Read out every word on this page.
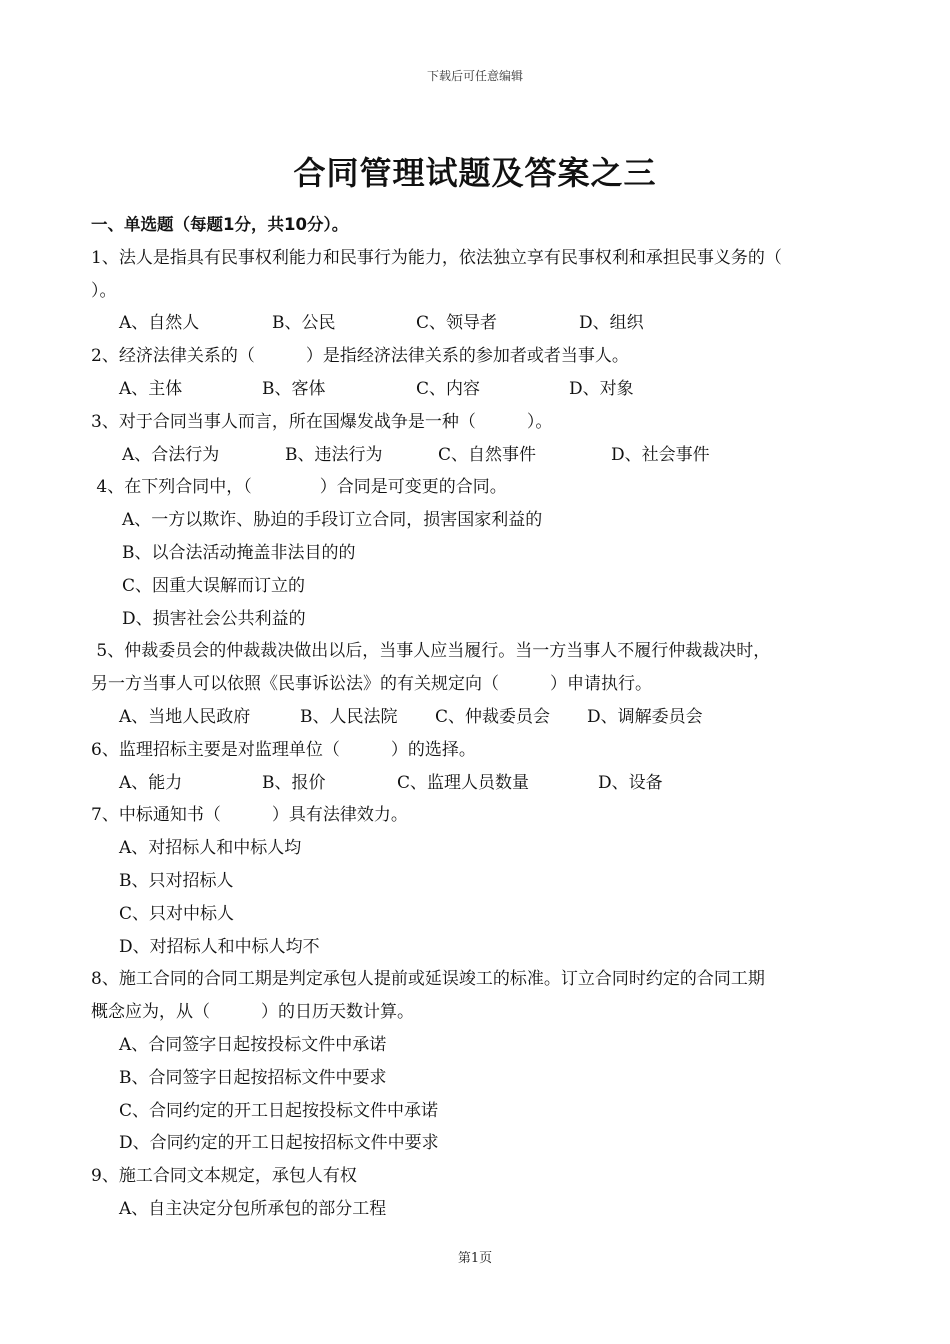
下载后可任意编辑
合同管理试题及答案之三
一、单选题（每题1分，共10分）。
1、法人是指具有民事权利能力和民事行为能力，依法独立享有民事权利和承担民事义务的（
）。
A、自然人	B、公民	C、领导者	D、组织
2、经济法律关系的（　　　）是指经济法律关系的参加者或者当事人。
A、主体	B、客体	C、内容	D、对象
3、对于合同当事人而言，所在国爆发战争是一种（　　　）。
A、合法行为	B、违法行为	C、自然事件	D、社会事件
4、在下列合同中，（　　　　）合同是可变更的合同。
A、一方以欺诈、胁迫的手段订立合同，损害国家利益的
B、以合法活动掩盖非法目的的
C、因重大误解而订立的
D、损害社会公共利益的
5、仲裁委员会的仲裁裁决做出以后，当事人应当履行。当一方当事人不履行仲裁裁决时，
另一方当事人可以依照《民事诉讼法》的有关规定向（　　　）申请执行。
A、当地人民政府	B、人民法院	C、仲裁委员会	D、调解委员会
6、监理招标主要是对监理单位（　　　）的选择。
A、能力	B、报价	C、监理人员数量	D、设备
7、中标通知书（　　　）具有法律效力。
A、对招标人和中标人均
B、只对招标人
C、只对中标人
D、对招标人和中标人均不
8、施工合同的合同工期是判定承包人提前或延误竣工的标准。订立合同时约定的合同工期
概念应为，从（　　　）的日历天数计算。
A、合同签字日起按投标文件中承诺
B、合同签字日起按招标文件中要求
C、合同约定的开工日起按投标文件中承诺
D、合同约定的开工日起按招标文件中要求
9、施工合同文本规定，承包人有权
A、自主决定分包所承包的部分工程
第1页
